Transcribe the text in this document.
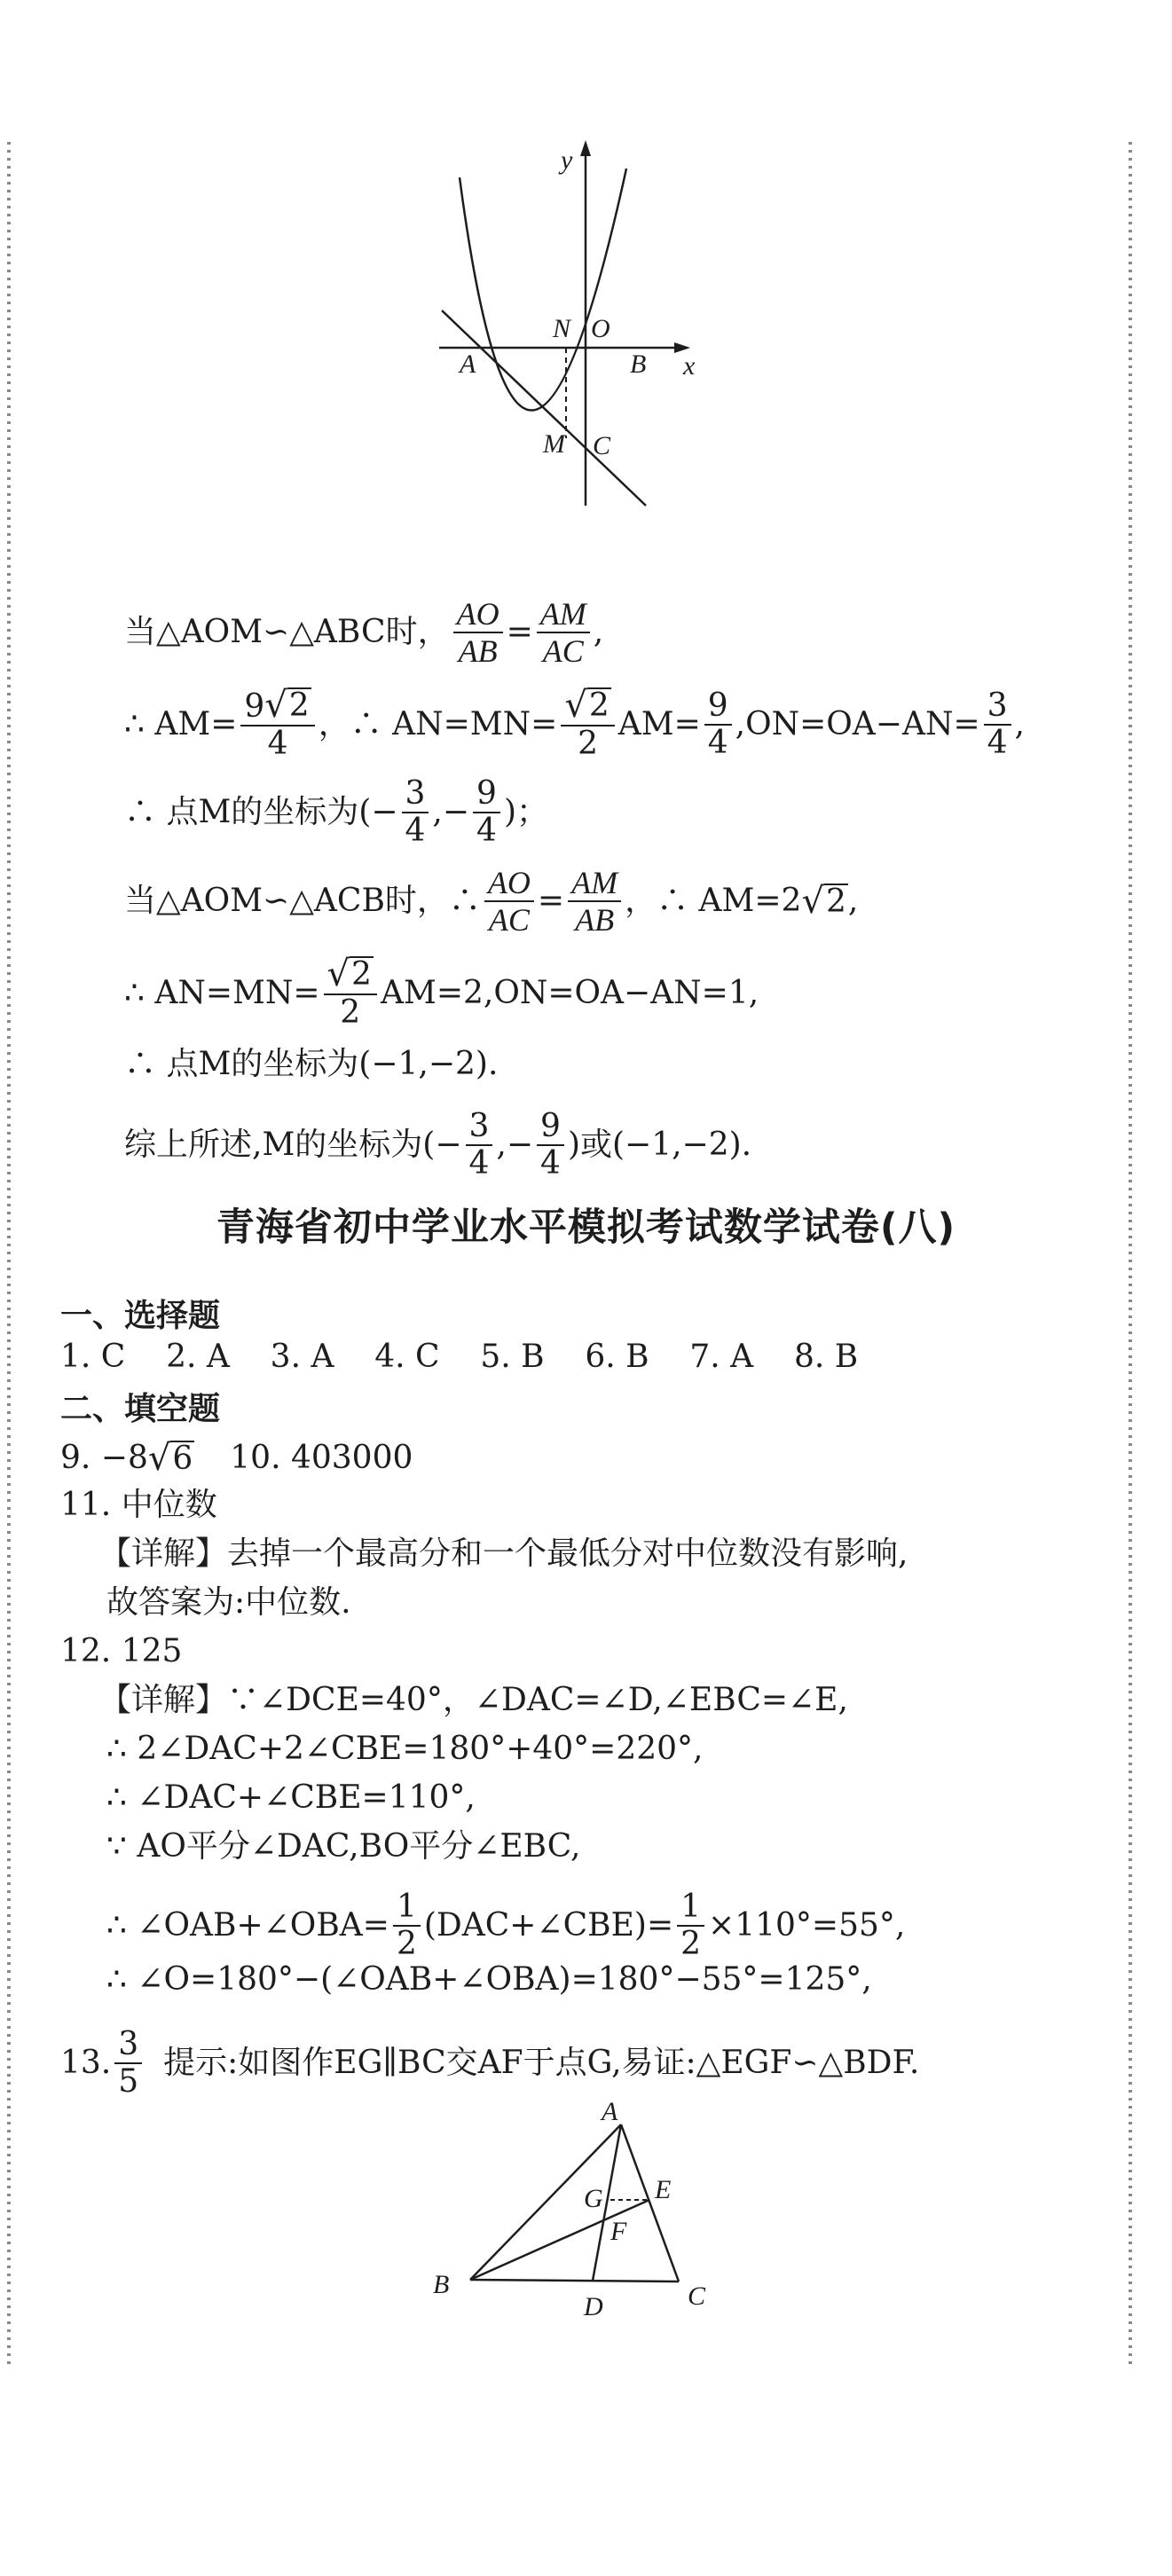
y
x
N O
A	B
M C
当△AOM∽△ABC时， $\frac{AO}{AB} = \frac{AM}{AC}$ ,
∴ $AM= \frac{9 √ 2}{4}$ ，∴ $AN=MN= \frac{√ 2}{2} AM= \frac{9}{4} ,ON=OA-AN= \frac{3}{4}$ ,
∴ 点M的坐标为(− $\frac{3}{4}$ ,− $\frac{9}{4}$ )；
当△AOM∽△ACB时，∴ $\frac{AO}{AC} = \frac{AM}{AB}$ ，∴ AM=2 √ 2 ,
∴ $AN=MN= \frac{√ 2}{2} AM=2,ON=OA-AN=1$,
∴ 点M的坐标为(−1,−2).
综上所述,M的坐标为(− $\frac{3}{4}$ ,− $\frac{9}{4}$ )或(−1,−2).
青海省初中学业水平模拟考试数学试卷(八)
一、选择题
1. C    2. A    3. A    4. C    5. B    6. B    7. A    8. B
二、填空题
9. −8 √ 6 10. 403000
11. 中位数
【详解】去掉一个最高分和一个最低分对中位数没有影响,
故答案为:中位数.
12. 125
【详解】∵∠DCE=40°，∠DAC=∠D,∠EBC=∠E,
∴ 2∠DAC+2∠CBE=180°+40°=220°,
∴ ∠DAC+∠CBE=110°,
∵ AO平分∠DAC,BO平分∠EBC,
∴ ∠OAB+∠OBA= $\frac{1}{2}$ (DAC+∠CBE)= $\frac{1}{2} \times 110^\circ=55^\circ$,
∴ ∠O=180°−(∠OAB+∠OBA)=180°−55°=125°,
13. $\frac{3}{5}$ 提示:如图作EG∥BC交AF于点G,易证:△EGF∽△BDF.
A
B	C
D
E
F
G
